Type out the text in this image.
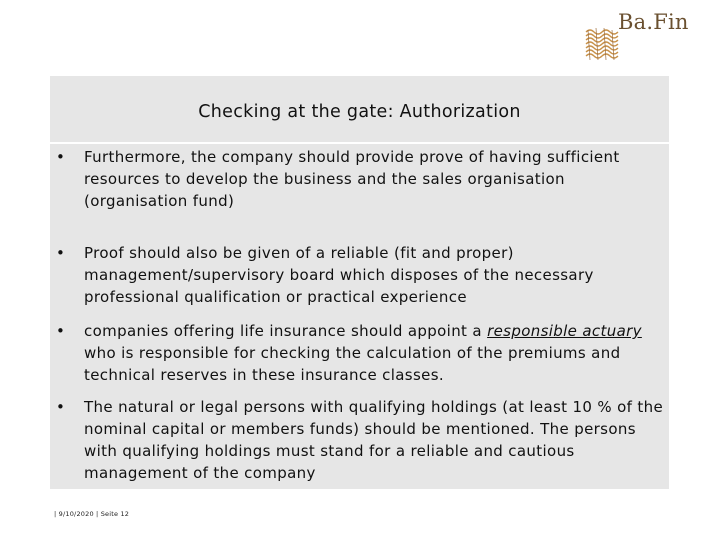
Ba.Fin
Checking at the gate: Authorization
• Furthermore, the company should provide prove of having sufficient resources to develop the business and the sales organisation (organisation fund)
• Proof should also be given of a reliable (fit and proper) management/supervisory board which disposes of the necessary professional qualification or practical experience
• companies offering life insurance should appoint a responsible actuary who is responsible for checking the calculation of the premiums and technical reserves in these insurance classes.
• The natural or legal persons with qualifying holdings (at least 10 % of the nominal capital or members funds) should be mentioned. The persons with qualifying holdings must stand for a reliable and cautious management of the company
| 9/10/2020 | Seite 12
